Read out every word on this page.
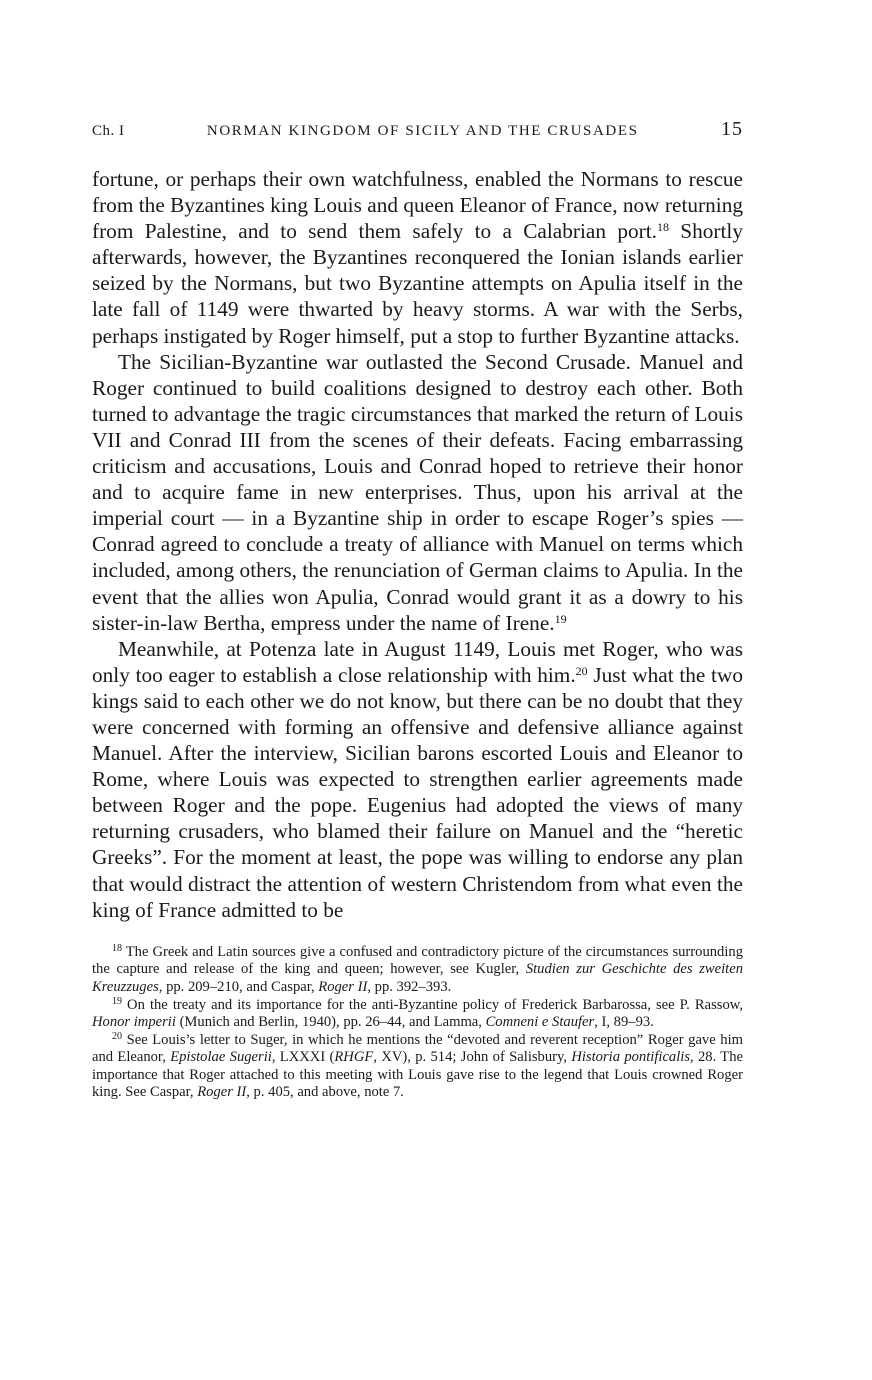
Ch. I	NORMAN KINGDOM OF SICILY AND THE CRUSADES	15

fortune, or perhaps their own watchfulness, enabled the Normans to rescue from the Byzantines king Louis and queen Eleanor of France, now returning from Palestine, and to send them safely to a Calabrian port.$^{18}$ Shortly afterwards, however, the Byzantines reconquered the Ionian islands earlier seized by the Normans, but two Byzantine attempts on Apulia itself in the late fall of 1149 were thwarted by heavy storms. A war with the Serbs, perhaps instigated by Roger himself, put a stop to further Byzantine attacks.

The Sicilian-Byzantine war outlasted the Second Crusade. Manuel and Roger continued to build coalitions designed to destroy each other. Both turned to advantage the tragic circumstances that marked the return of Louis VII and Conrad III from the scenes of their defeats. Facing embarrassing criticism and accusations, Louis and Conrad hoped to retrieve their honor and to acquire fame in new enterprises. Thus, upon his arrival at the imperial court — in a Byzantine ship in order to escape Roger’s spies — Conrad agreed to conclude a treaty of alliance with Manuel on terms which included, among others, the renunciation of German claims to Apulia. In the event that the allies won Apulia, Conrad would grant it as a dowry to his sister-in-law Bertha, empress under the name of Irene.$^{19}$

Meanwhile, at Potenza late in August 1149, Louis met Roger, who was only too eager to establish a close relationship with him.$^{20}$ Just what the two kings said to each other we do not know, but there can be no doubt that they were concerned with forming an offensive and defensive alliance against Manuel. After the interview, Sicilian barons escorted Louis and Eleanor to Rome, where Louis was expected to strengthen earlier agreements made between Roger and the pope. Eugenius had adopted the views of many returning crusaders, who blamed their failure on Manuel and the “heretic Greeks”. For the moment at least, the pope was willing to endorse any plan that would distract the attention of western Christendom from what even the king of France admitted to be

$^{18}$ The Greek and Latin sources give a confused and contradictory picture of the circumstances surrounding the capture and release of the king and queen; however, see Kugler, Studien zur Geschichte des zweiten Kreuzzuges, pp. 209–210, and Caspar, Roger II, pp. 392–393.

$^{19}$ On the treaty and its importance for the anti-Byzantine policy of Frederick Barbarossa, see P. Rassow, Honor imperii (Munich and Berlin, 1940), pp. 26–44, and Lamma, Comneni e Staufer, I, 89–93.

$^{20}$ See Louis’s letter to Suger, in which he mentions the “devoted and reverent reception” Roger gave him and Eleanor, Epistolae Sugerii, LXXXI (RHGF, XV), p. 514; John of Salisbury, Historia pontificalis, 28. The importance that Roger attached to this meeting with Louis gave rise to the legend that Louis crowned Roger king. See Caspar, Roger II, p. 405, and above, note 7.
